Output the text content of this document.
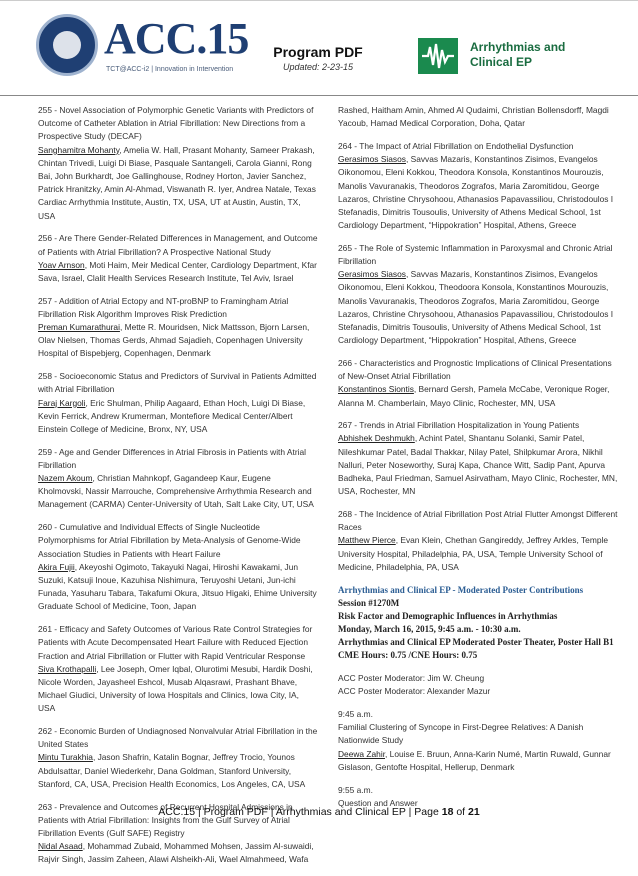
ACC.15
TCT@ACC-i2 | Innovation in Intervention
Program PDF
Updated: 2-23-15
Arrhythmias and
Clinical EP
255 - Novel Association of Polymorphic Genetic Variants with Predictors of Outcome of Catheter Ablation in Atrial Fibrillation: New Directions from a Prospective Study (DECAF)
Sanghamitra Mohanty, Amelia W. Hall, Prasant Mohanty, Sameer Prakash, Chintan Trivedi, Luigi Di Biase, Pasquale Santangeli, Carola Gianni, Rong Bai, John Burkhardt, Joe Gallinghouse, Rodney Horton, Javier Sanchez, Patrick Hranitzky, Amin Al-Ahmad, Viswanath R. Iyer, Andrea Natale, Texas Cardiac Arrhythmia Institute, Austin, TX, USA, UT at Austin, Austin, TX, USA
256 - Are There Gender-Related Differences in Management, and Outcome of Patients with Atrial Fibrillation? A Prospective National Study
Yoav Arnson, Moti Haim, Meir Medical Center, Cardiology Department, Kfar Sava, Israel, Clalit Health Services Research Institute, Tel Aviv, Israel
257 - Addition of Atrial Ectopy and NT-proBNP to Framingham Atrial Fibrillation Risk Algorithm Improves Risk Prediction
Preman Kumarathurai, Mette R. Mouridsen, Nick Mattsson, Bjorn Larsen, Olav Nielsen, Thomas Gerds, Ahmad Sajadieh, Copenhagen University Hospital of Bispebjerg, Copenhagen, Denmark
258 - Socioeconomic Status and Predictors of Survival in Patients Admitted with Atrial Fibrillation
Faraj Kargoli, Eric Shulman, Philip Aagaard, Ethan Hoch, Luigi Di Biase, Kevin Ferrick, Andrew Krumerman, Montefiore Medical Center/Albert Einstein College of Medicine, Bronx, NY, USA
259 - Age and Gender Differences in Atrial Fibrosis in Patients with Atrial Fibrillation
Nazem Akoum, Christian Mahnkopf, Gagandeep Kaur, Eugene Kholmovski, Nassir Marrouche, Comprehensive Arrhythmia Research and Management (CARMA) Center-University of Utah, Salt Lake City, UT, USA
260 - Cumulative and Individual Effects of Single Nucleotide Polymorphisms for Atrial Fibrillation by Meta-Analysis of Genome-Wide Association Studies in Patients with Heart Failure
Akira Fujii, Akeyoshi Ogimoto, Takayuki Nagai, Hiroshi Kawakami, Jun Suzuki, Katsuji Inoue, Kazuhisa Nishimura, Teruyoshi Uetani, Jun-ichi Funada, Yasuharu Tabara, Takafumi Okura, Jitsuo Higaki, Ehime University Graduate School of Medicine, Toon, Japan
261 - Efficacy and Safety Outcomes of Various Rate Control Strategies for Patients with Acute Decompensated Heart Failure with Reduced Ejection Fraction and Atrial Fibrillation or Flutter with Rapid Ventricular Response
Siva Krothapalli, Lee Joseph, Omer Iqbal, Olurotimi Mesubi, Hardik Doshi, Nicole Worden, Jayasheel Eshcol, Musab Alqasrawi, Prashant Bhave, Michael Giudici, University of Iowa Hospitals and Clinics, Iowa City, IA, USA
262 - Economic Burden of Undiagnosed Nonvalvular Atrial Fibrillation in the United States
Mintu Turakhia, Jason Shafrin, Katalin Bognar, Jeffrey Trocio, Younos Abdulsattar, Daniel Wiederkehr, Dana Goldman, Stanford University, Stanford, CA, USA, Precision Health Economics, Los Angeles, CA, USA
263 - Prevalence and Outcomes of Recurrent Hospital Admissions in Patients with Atrial Fibrillation: Insights from the Gulf Survey of Atrial Fibrillation Events (Gulf SAFE) Registry
Nidal Asaad, Mohammad Zubaid, Mohammed Mohsen, Jassim Al-suwaidi, Rajvir Singh, Jassim Zaheen, Alawi Alsheikh-Ali, Wael Almahmeed, Wafa
Rashed, Haitham Amin, Ahmed Al Qudaimi, Christian Bollensdorff, Magdi Yacoub, Hamad Medical Corporation, Doha, Qatar
264 - The Impact of Atrial Fibrillation on Endothelial Dysfunction
Gerasimos Siasos, Savvas Mazaris, Konstantinos Zisimos, Evangelos Oikonomou, Eleni Kokkou, Theodora Konsola, Konstantinos Mourouzis, Manolis Vavuranakis, Theodoros Zografos, Maria Zaromitidou, George Lazaros, Christine Chrysohoou, Athanasios Papavassiliou, Christodoulos I Stefanadis, Dimitris Tousoulis, University of Athens Medical School, 1st Cardiology Department, “Hippokration” Hospital, Athens, Greece
265 - The Role of Systemic Inflammation in Paroxysmal and Chronic Atrial Fibrillation
Gerasimos Siasos, Savvas Mazaris, Konstantinos Zisimos, Evangelos Oikonomou, Eleni Kokkou, Theodoora Konsola, Konstantinos Mourouzis, Manolis Vavuranakis, Theodoros Zografos, Maria Zaromitidou, George Lazaros, Christine Chrysohoou, Athanasios Papavassiliou, Christodoulos I Stefanadis, Dimitris Tousoulis, University of Athens Medical School, 1st Cardiology Department, “Hippokration” Hospital, Athens, Greece
266 - Characteristics and Prognostic Implications of Clinical Presentations of New-Onset Atrial Fibrillation
Konstantinos Siontis, Bernard Gersh, Pamela McCabe, Veronique Roger, Alanna M. Chamberlain, Mayo Clinic, Rochester, MN, USA
267 - Trends in Atrial Fibrillation Hospitalization in Young Patients
Abhishek Deshmukh, Achint Patel, Shantanu Solanki, Samir Patel, Nileshkumar Patel, Badal Thakkar, Nilay Patel, Shilpkumar Arora, Nikhil Nalluri, Peter Noseworthy, Suraj Kapa, Chance Witt, Sadip Pant, Apurva Badheka, Paul Friedman, Samuel Asirvatham, Mayo Clinic, Rochester, MN, USA, Rochester, MN
268 - The Incidence of Atrial Fibrillation Post Atrial Flutter Amongst Different Races
Matthew Pierce, Evan Klein, Chethan Gangireddy, Jeffrey Arkles, Temple University Hospital, Philadelphia, PA, USA, Temple University School of Medicine, Philadelphia, PA, USA
Arrhythmias and Clinical EP - Moderated Poster Contributions
Session #1270M
Risk Factor and Demographic Influences in Arrhythmias
Monday, March 16, 2015, 9:45 a.m. - 10:30 a.m.
Arrhythmias and Clinical EP Moderated Poster Theater, Poster Hall B1
CME Hours: 0.75 /CNE Hours: 0.75
ACC Poster Moderator: Jim W. Cheung
ACC Poster Moderator: Alexander Mazur
9:45 a.m.
Familial Clustering of Syncope in First-Degree Relatives: A Danish Nationwide Study
Deewa Zahir, Louise E. Bruun, Anna-Karin Numé, Martin Ruwald, Gunnar Gislason, Gentofte Hospital, Hellerup, Denmark
9:55 a.m.
Question and Answer
ACC.15 | Program PDF | Arrhythmias and Clinical EP | Page 18 of 21
